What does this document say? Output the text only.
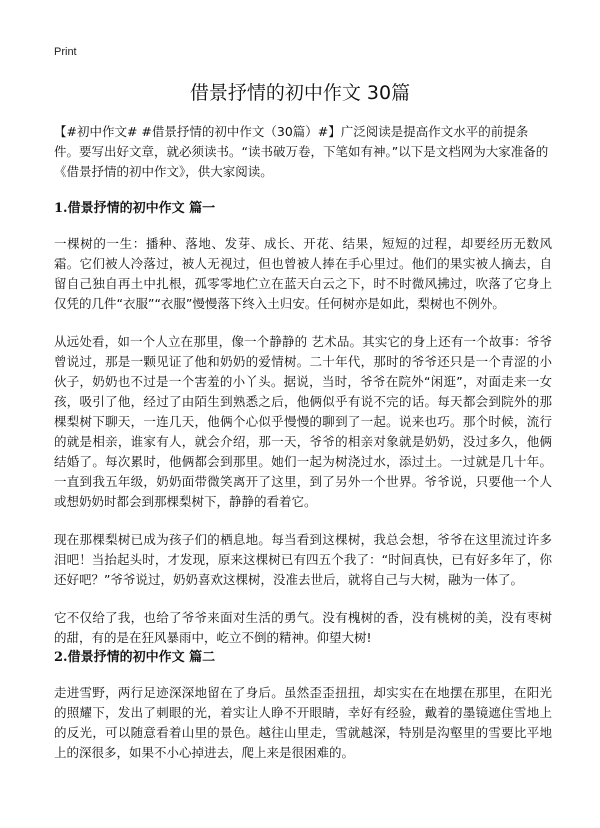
Print
借景抒情的初中作文 30篇

【#初中作文# #借景抒情的初中作文（30篇）#】广泛阅读是提高作文水平的前提条件。要写出好文章，就必须读书。“读书破万卷，下笔如有神。”以下是文档网为大家准备的《借景抒情的初中作文》，供大家阅读。

1.借景抒情的初中作文 篇一

一棵树的一生：播种、落地、发芽、成长、开花、结果，短短的过程，却要经历无数风霜。它们被人冷落过，被人无视过，但也曾被人捧在手心里过。他们的果实被人摘去，自留自己独自再土中扎根，孤零零地伫立在蓝天白云之下，时不时微风拂过，吹落了它身上仅凭的几件“衣服”“衣服”慢慢落下终入土归安。任何树亦是如此，梨树也不例外。

从远处看，如一个人立在那里，像一个静静的 艺术品。其实它的身上还有一个故事：爷爷曾说过，那是一颗见证了他和奶奶的爱情树。二十年代，那时的爷爷还只是一个青涩的小伙子，奶奶也不过是一个害羞的小丫头。据说，当时，爷爷在院外“闲逛”，对面走来一女孩，吸引了他，经过了由陌生到熟悉之后，他俩似乎有说不完的话。每天都会到院外的那棵梨树下聊天，一连几天，他俩个心似乎慢慢的聊到了一起。说来也巧。那个时候，流行的就是相亲，谁家有人，就会介绍，那一天，爷爷的相亲对象就是奶奶，没过多久，他俩结婚了。每次累时，他俩都会到那里。她们一起为树浇过水，添过土。一过就是几十年。一直到我五年级，奶奶面带微笑离开了这里，到了另外一个世界。爷爷说，只要他一个人或想奶奶时都会到那棵梨树下，静静的看着它。

现在那棵梨树已成为孩子们的栖息地。每当看到这棵树，我总会想，爷爷在这里流过许多泪吧！当抬起头时，才发现，原来这棵树已有四五个我了：“时间真快，已有好多年了，你还好吧？”爷爷说过，奶奶喜欢这棵树，没准去世后，就将自己与大树，融为一体了。

它不仅给了我，也给了爷爷来面对生活的勇气。没有槐树的香，没有桃树的美，没有枣树的甜，有的是在狂风暴雨中，屹立不倒的精神。仰望大树!

2.借景抒情的初中作文 篇二

走进雪野，两行足迹深深地留在了身后。虽然歪歪扭扭，却实实在在地摆在那里，在阳光的照耀下，发出了刺眼的光，着实让人睁不开眼睛，幸好有经验，戴着的墨镜遮住雪地上的反光，可以随意看着山里的景色。越往山里走，雪就越深，特别是沟壑里的雪要比平地上的深很多，如果不小心掉进去，爬上来是很困难的。
